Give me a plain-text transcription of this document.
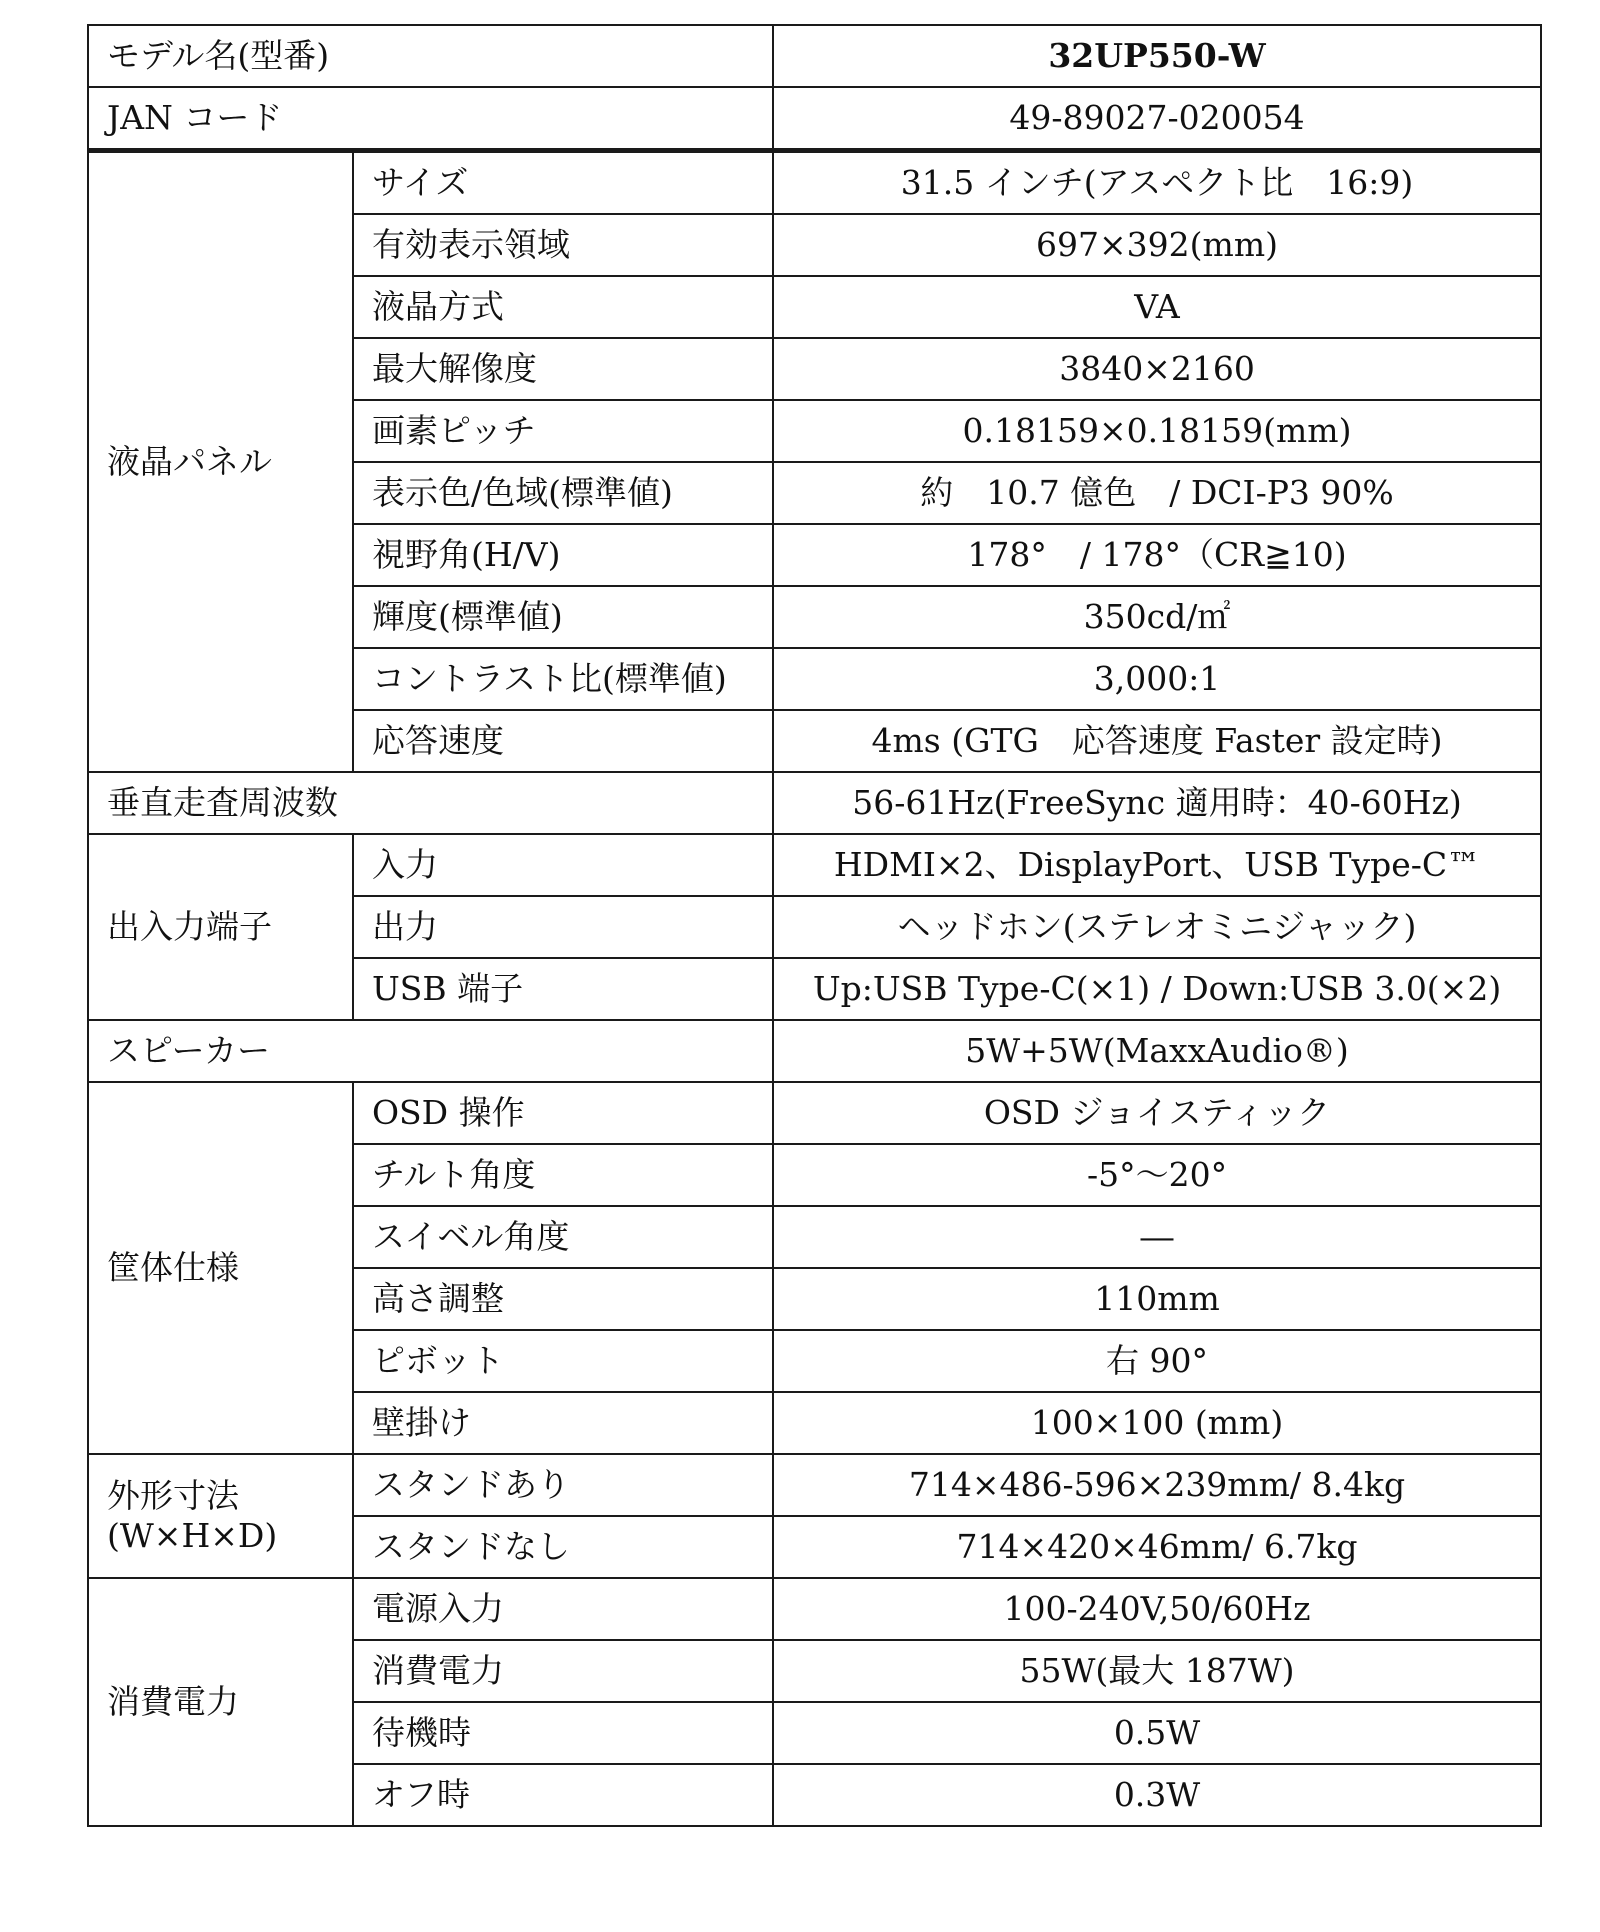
モデル名(型番)		32UP550-W
JAN コード		49-89027-020054
液晶パネル	サイズ	31.5 インチ(アスペクト比　16:9)
	有効表示領域	697×392(mm)
	液晶方式	VA
	最大解像度	3840×2160
	画素ピッチ	0.18159×0.18159(mm)
	表示色/色域(標準値)	約　10.7 億色　/ DCI-P3 90%
	視野角(H/V)	178°　/ 178°（CR≧10)
	輝度(標準値)	350cd/㎡
	コントラスト比(標準値)	3,000:1
	応答速度	4ms (GTG　応答速度 Faster 設定時)
垂直走査周波数		56-61Hz(FreeSync 適用時：40-60Hz)
出入力端子	入力	HDMI×2、DisplayPort、USB Type-C™
	出力	ヘッドホン(ステレオミニジャック)
	USB 端子	Up:USB Type-C(×1) / Down:USB 3.0(×2)
スピーカー		5W+5W(MaxxAudio®)
筐体仕様	OSD 操作	OSD ジョイスティック
	チルト角度	-5°～20°
	スイベル角度	―
	高さ調整	110mm
	ピボット	右 90°
	壁掛け	100×100 (mm)
外形寸法 (W×H×D)	スタンドあり	714×486-596×239mm/ 8.4kg
	スタンドなし	714×420×46mm/ 6.7kg
消費電力	電源入力	100-240V,50/60Hz
	消費電力	55W(最大 187W)
	待機時	0.5W
	オフ時	0.3W
